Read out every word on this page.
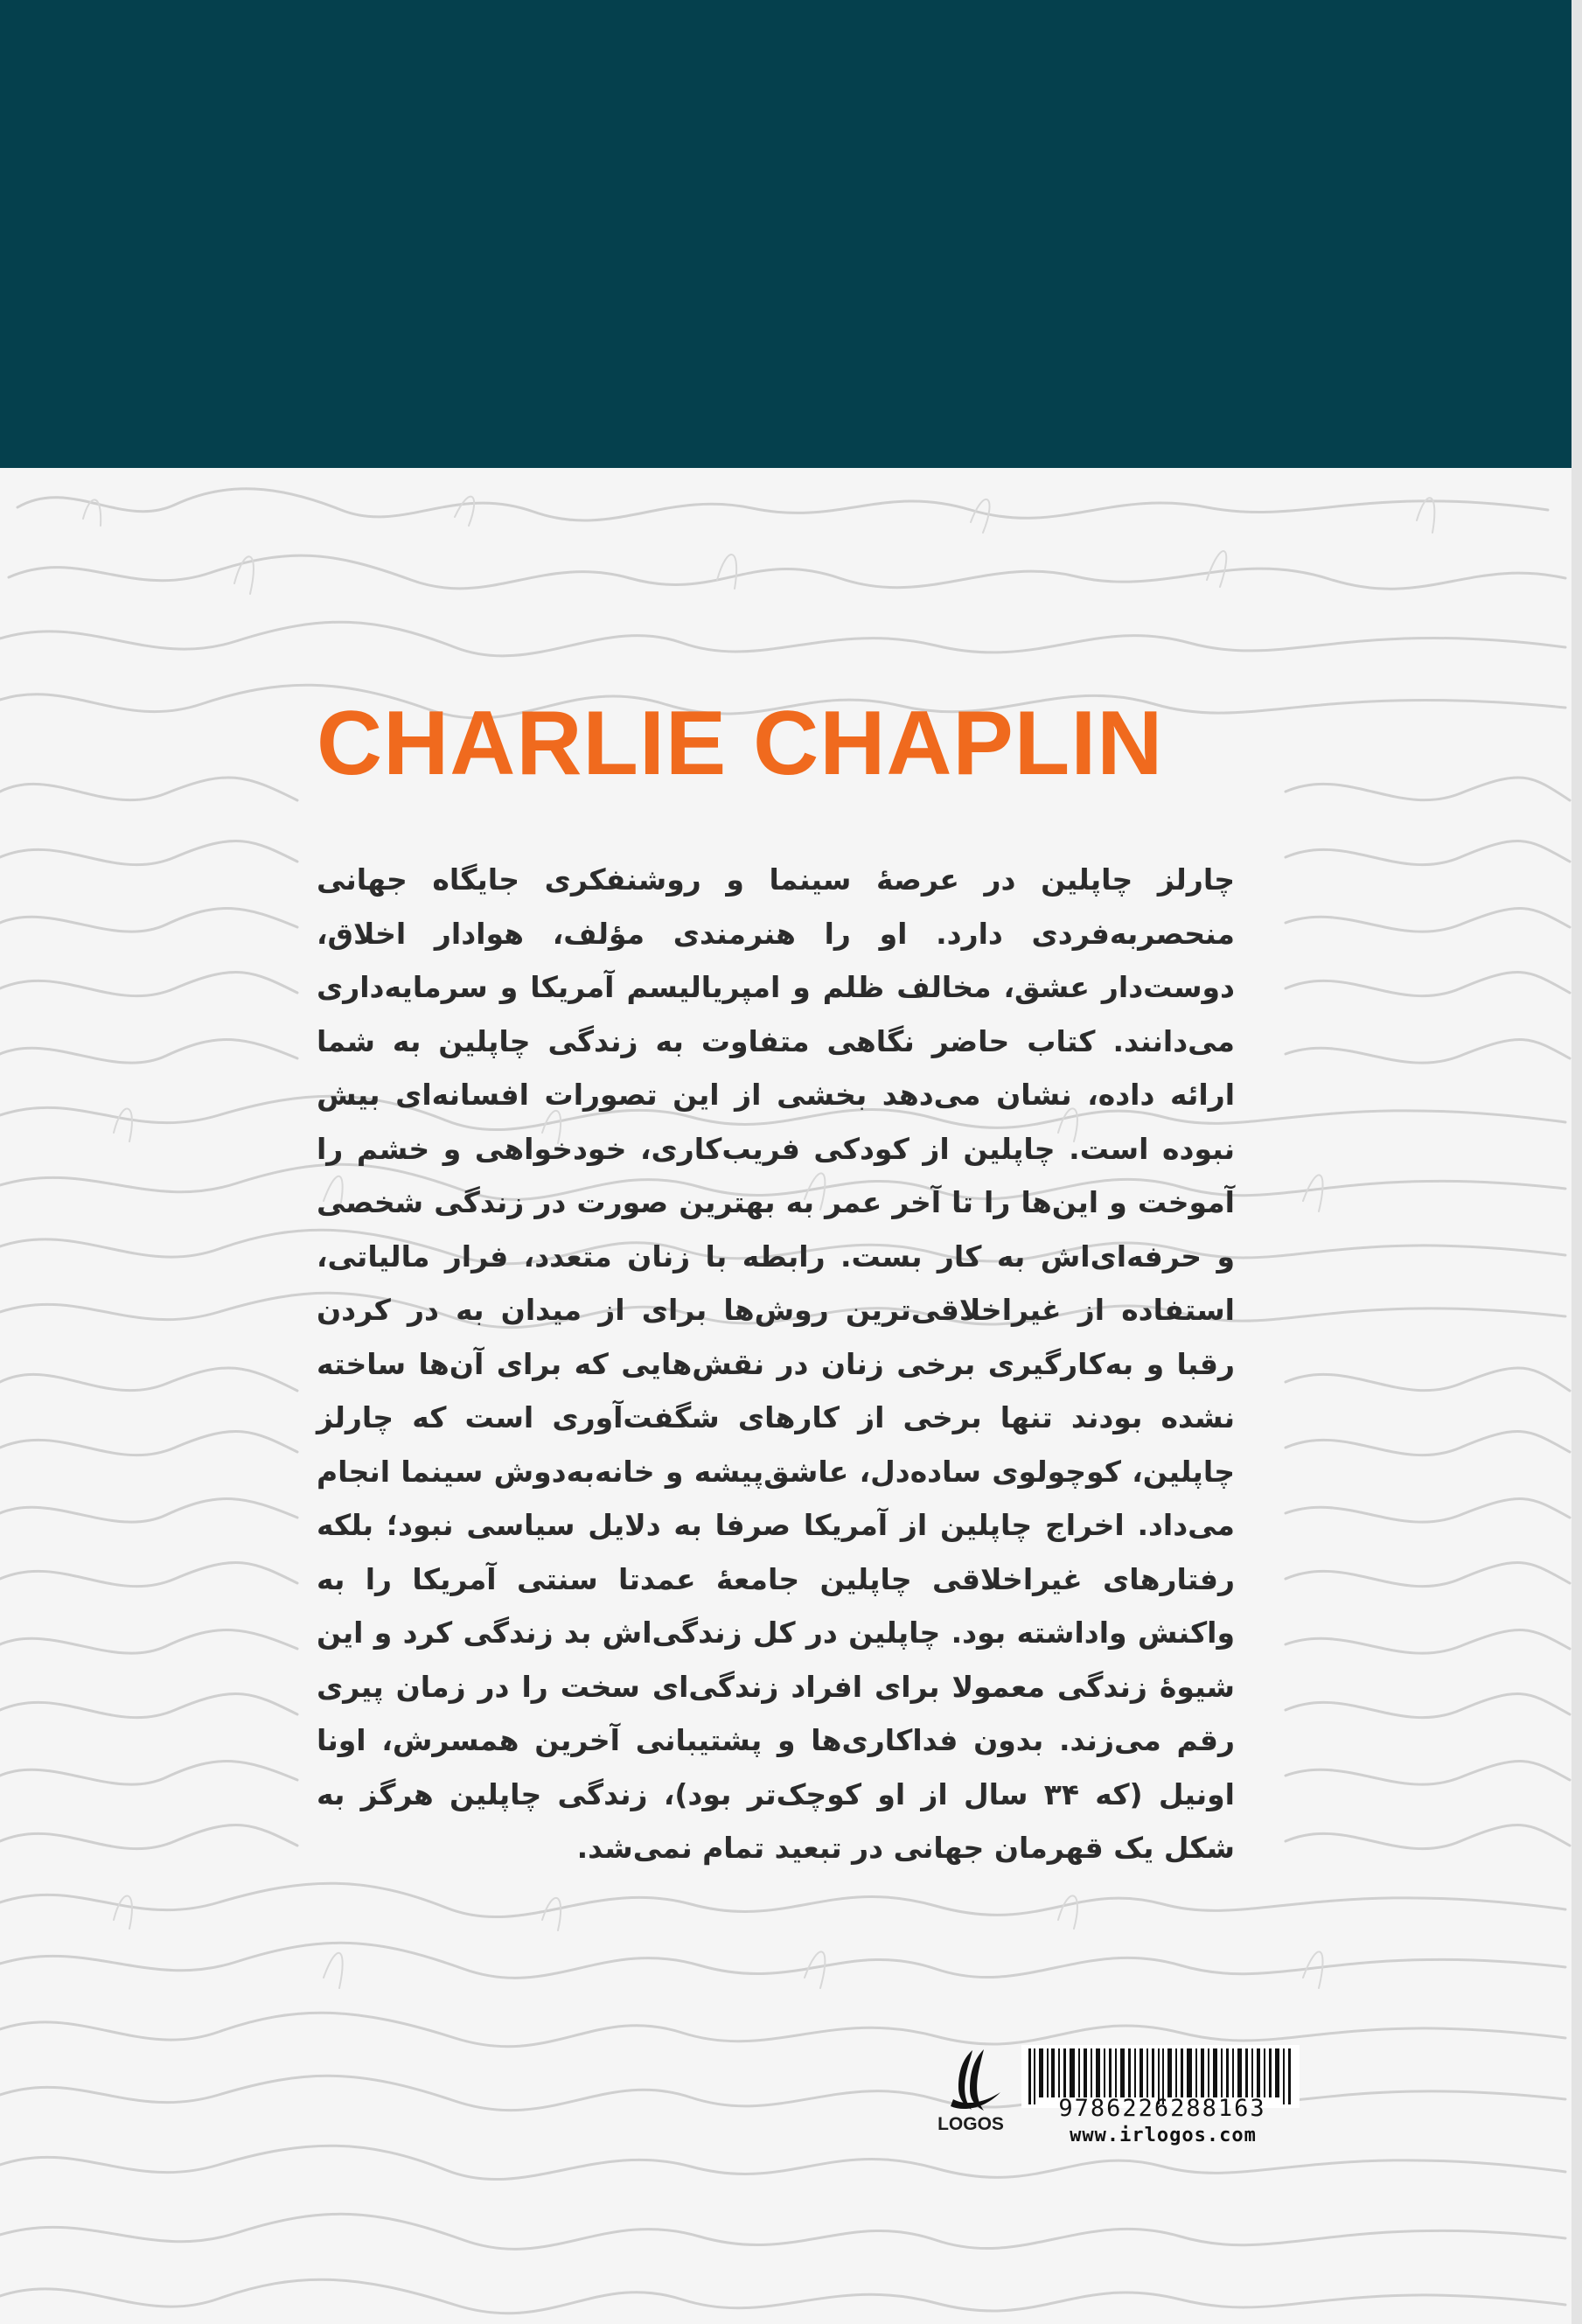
CHARLIE CHAPLIN

چارلز چاپلین در عرصهٔ سینما و روشنفکری جایگاه جهانی منحصربه‌فردی دارد. او را هنرمندی مؤلف، هوادار اخلاق، دوست‌دار عشق، مخالف ظلم و امپریالیسم آمریکا و سرمایه‌داری می‌دانند. کتاب حاضر نگاهی متفاوت به زندگی چاپلین به شما ارائه داده، نشان می‌دهد بخشی از این تصورات افسانه‌ای بیش نبوده است. چاپلین از کودکی فریب‌کاری، خودخواهی و خشم را آموخت و این‌ها را تا آخر عمر به بهترین صورت در زندگی شخصی و حرفه‌ای‌اش به کار بست. رابطه با زنان متعدد، فرار مالیاتی، استفاده از غیراخلاقی‌ترین روش‌ها برای از میدان به در کردن رقبا و به‌کارگیری برخی زنان در نقش‌هایی که برای آن‌ها ساخته نشده بودند تنها برخی از کارهای شگفت‌آوری است که چارلز چاپلین، کوچولوی ساده‌دل، عاشق‌پیشه و خانه‌به‌دوش سینما انجام می‌داد. اخراج چاپلین از آمریکا صرفا به دلایل سیاسی نبود؛ بلکه رفتارهای غیراخلاقی چاپلین جامعهٔ عمدتا سنتی آمریکا را به واکنش واداشته بود. چاپلین در کل زندگی‌اش بد زندگی کرد و این شیوهٔ زندگی معمولا برای افراد زندگی‌ای سخت را در زمان پیری رقم می‌زند. بدون فداکاری‌ها و پشتیبانی آخرین همسرش، اونا اونیل (که ۳۴ سال از او کوچک‌تر بود)، زندگی چاپلین هرگز به شکل یک قهرمان جهانی در تبعید تمام نمی‌شد.

LOGOS
9786226288163
www.irlogos.com
